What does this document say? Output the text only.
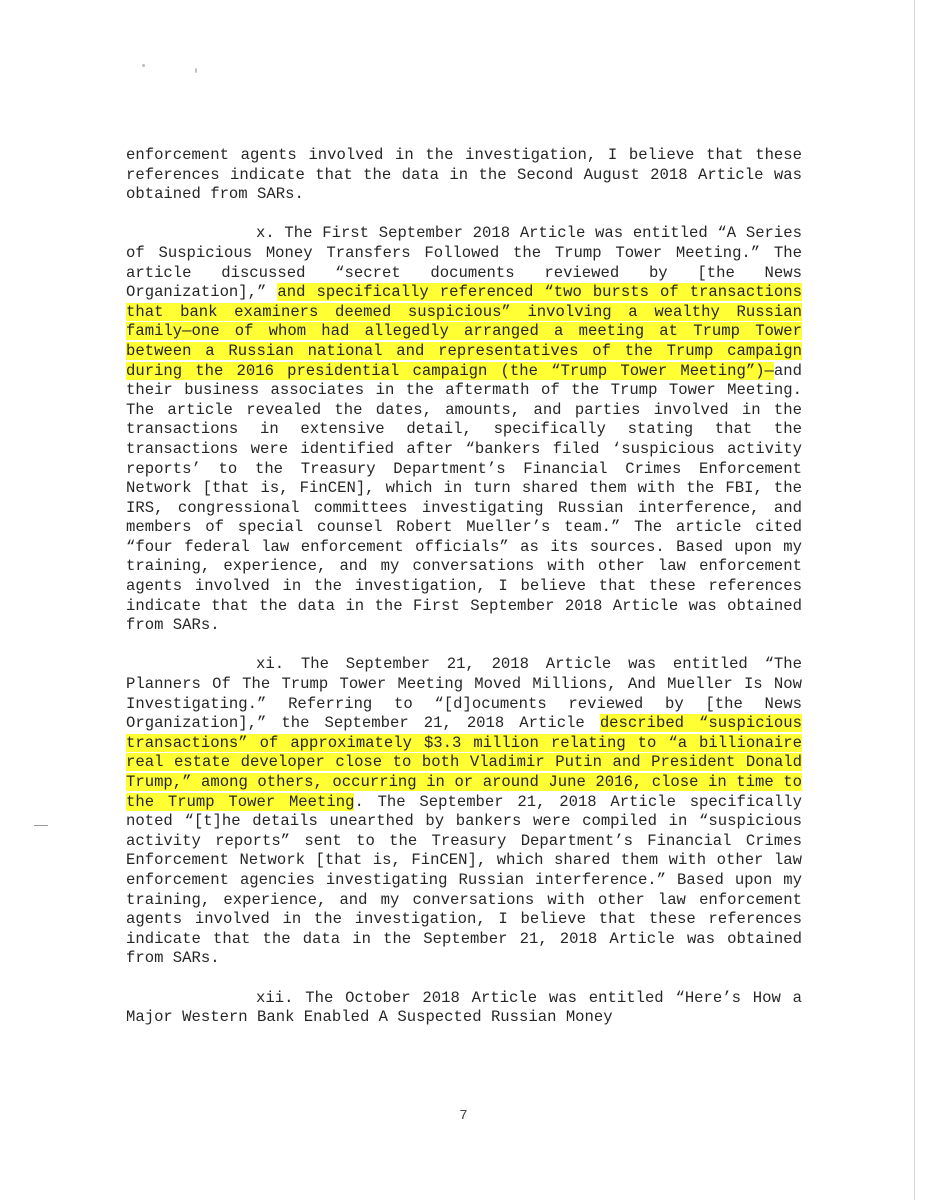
enforcement agents involved in the investigation, I believe that these references indicate that the data in the Second August 2018 Article was obtained from SARs.

x. The First September 2018 Article was entitled “A Series of Suspicious Money Transfers Followed the Trump Tower Meeting.” The article discussed “secret documents reviewed by [the News Organization],” and specifically referenced “two bursts of transactions that bank examiners deemed suspicious” involving a wealthy Russian family—one of whom had allegedly arranged a meeting at Trump Tower between a Russian national and representatives of the Trump campaign during the 2016 presidential campaign (the “Trump Tower Meeting”)—and their business associates in the aftermath of the Trump Tower Meeting. The article revealed the dates, amounts, and parties involved in the transactions in extensive detail, specifically stating that the transactions were identified after “bankers filed ‘suspicious activity reports’ to the Treasury Department’s Financial Crimes Enforcement Network [that is, FinCEN], which in turn shared them with the FBI, the IRS, congressional committees investigating Russian interference, and members of special counsel Robert Mueller’s team.” The article cited “four federal law enforcement officials” as its sources. Based upon my training, experience, and my conversations with other law enforcement agents involved in the investigation, I believe that these references indicate that the data in the First September 2018 Article was obtained from SARs.

xi. The September 21, 2018 Article was entitled “The Planners Of The Trump Tower Meeting Moved Millions, And Mueller Is Now Investigating.” Referring to “[d]ocuments reviewed by [the News Organization],” the September 21, 2018 Article described “suspicious transactions” of approximately $3.3 million relating to “a billionaire real estate developer close to both Vladimir Putin and President Donald Trump,” among others, occurring in or around June 2016, close in time to the Trump Tower Meeting. The September 21, 2018 Article specifically noted “[t]he details unearthed by bankers were compiled in “suspicious activity reports” sent to the Treasury Department’s Financial Crimes Enforcement Network [that is, FinCEN], which shared them with other law enforcement agencies investigating Russian interference.” Based upon my training, experience, and my conversations with other law enforcement agents involved in the investigation, I believe that these references indicate that the data in the September 21, 2018 Article was obtained from SARs.

xii. The October 2018 Article was entitled “Here’s How a Major Western Bank Enabled A Suspected Russian Money

7
